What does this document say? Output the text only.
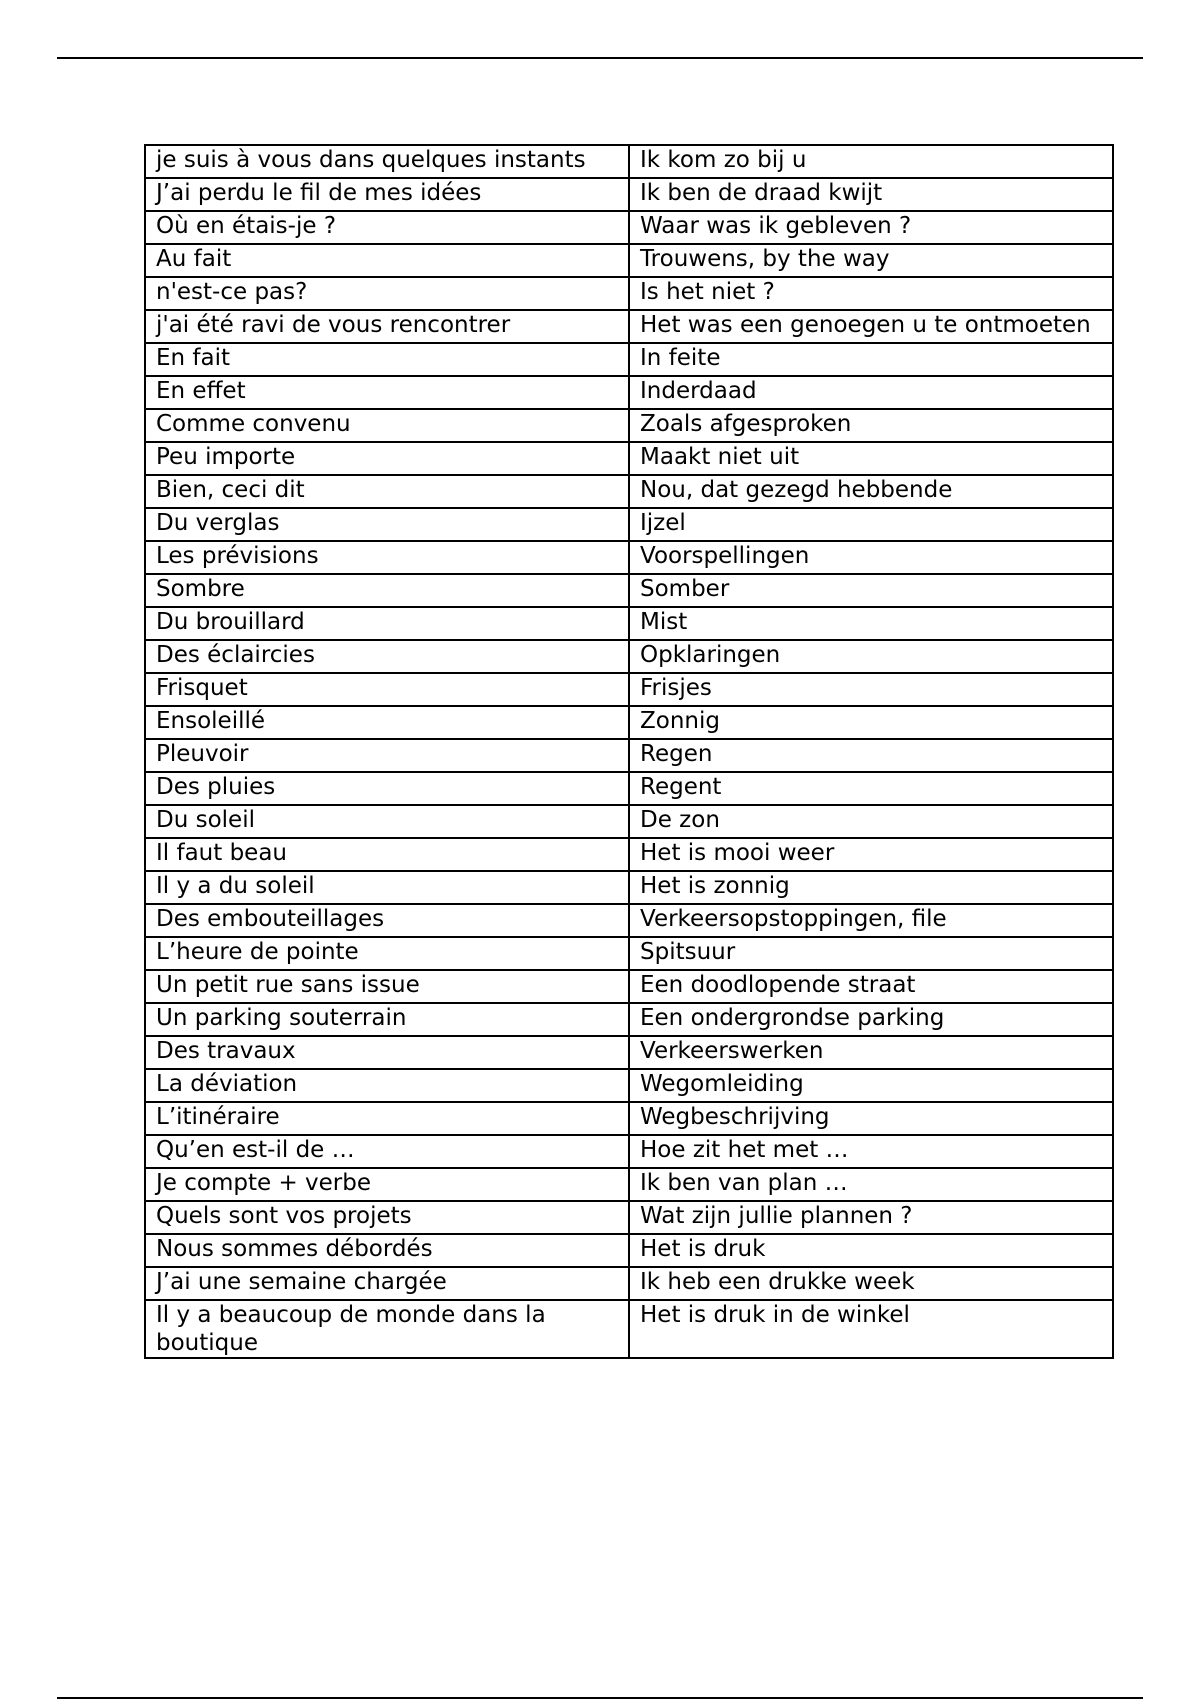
je suis à vous dans quelques instants	Ik kom zo bij u
J’ai perdu le fil de mes idées	Ik ben de draad kwijt
Où en étais-je ?	Waar was ik gebleven ?
Au fait	Trouwens, by the way
n'est-ce pas?	Is het niet ?
j'ai été ravi de vous rencontrer	Het was een genoegen u te ontmoeten
En fait	In feite
En effet	Inderdaad
Comme convenu	Zoals afgesproken
Peu importe	Maakt niet uit
Bien, ceci dit	Nou, dat gezegd hebbende
Du verglas	Ijzel
Les prévisions	Voorspellingen
Sombre	Somber
Du brouillard	Mist
Des éclaircies	Opklaringen
Frisquet	Frisjes
Ensoleillé	Zonnig
Pleuvoir	Regen
Des pluies	Regent
Du soleil	De zon
Il faut beau	Het is mooi weer
Il y a du soleil	Het is zonnig
Des embouteillages	Verkeersopstoppingen, file
L’heure de pointe	Spitsuur
Un petit rue sans issue	Een doodlopende straat
Un parking souterrain	Een ondergrondse parking
Des travaux	Verkeerswerken
La déviation	Wegomleiding
L’itinéraire	Wegbeschrijving
Qu’en est-il de …	Hoe zit het met …
Je compte + verbe	Ik ben van plan …
Quels sont vos projets	Wat zijn jullie plannen ?
Nous sommes débordés	Het is druk
J’ai une semaine chargée	Ik heb een drukke week
Il y a beaucoup de monde dans la boutique	Het is druk in de winkel
